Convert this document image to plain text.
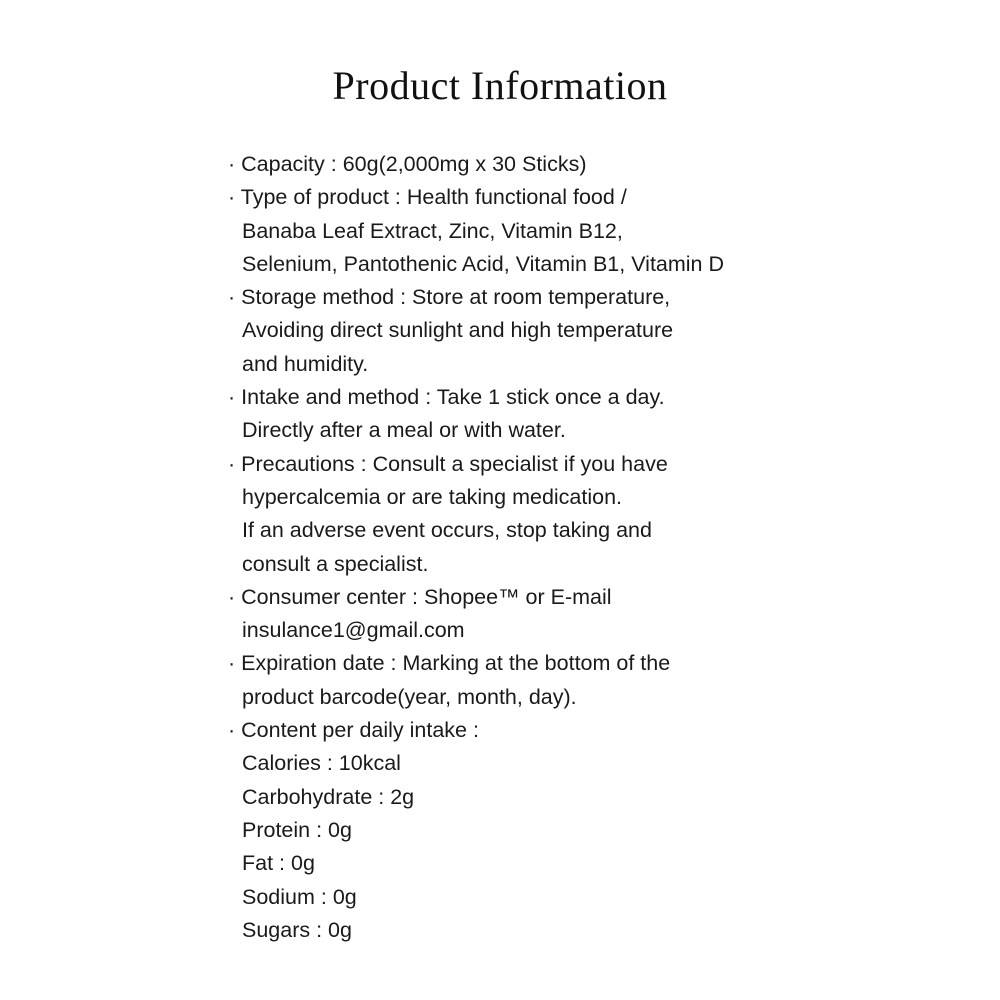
Product Information
· Capacity : 60g(2,000mg x 30 Sticks)
· Type of product : Health functional food /
Banaba Leaf Extract, Zinc, Vitamin B12,
Selenium, Pantothenic Acid, Vitamin B1, Vitamin D
· Storage method : Store at room temperature,
Avoiding direct sunlight and high temperature
and humidity.
· Intake and method : Take 1 stick once a day.
Directly after a meal or with water.
· Precautions : Consult a specialist if you have
hypercalcemia or are taking medication.
If an adverse event occurs, stop taking and
consult a specialist.
· Consumer center : Shopee™ or E-mail
insulance1@gmail.com
· Expiration date : Marking at the bottom of the
product barcode(year, month, day).
· Content per daily intake :
Calories : 10kcal
Carbohydrate : 2g
Protein : 0g
Fat : 0g
Sodium : 0g
Sugars : 0g
